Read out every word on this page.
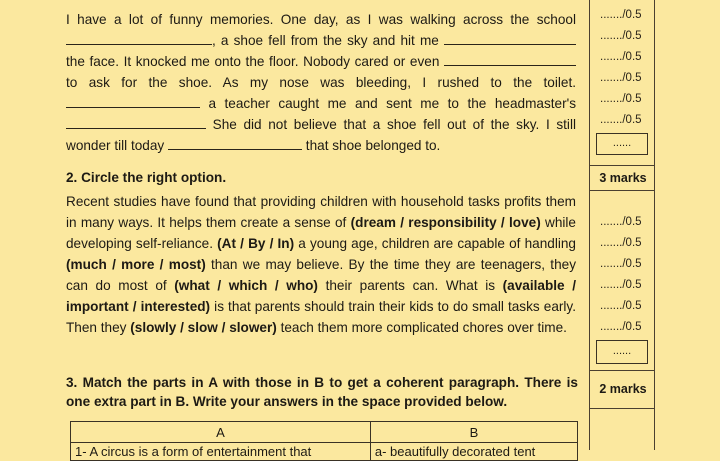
I have a lot of funny memories. One day, as I was walking across the school , a shoe fell from the sky and hit me  the face. It knocked me onto the floor. Nobody cared or even  to ask for the shoe. As my nose was bleeding, I rushed to the toilet.  a teacher caught me and sent me to the headmaster's  She did not believe that a shoe fell out of the sky. I still wonder till today	that shoe belonged to.

2. Circle the right option.

Recent studies have found that providing children with household tasks profits them in many ways. It helps them create a sense of (dream / responsibility / love) while developing self-reliance. (At / By / In) a young age, children are capable of handling (much / more / most) than we may believe. By the time they are teenagers, they can do most of (what / which / who) their parents can. What is (available / important / interested) is that parents should train their kids to do small tasks early. Then they (slowly / slow / slower) teach them more complicated chores over time.

3. Match the parts in A with those in B to get a coherent paragraph. There is one extra part in B. Write your answers in the space provided below.
A	B
1- A circus is a form of entertainment that	a- beautifully decorated tent
......./0.5
......./0.5
......./0.5
......./0.5
......./0.5
......./0.5
......
3 marks
......./0.5
......./0.5
......./0.5
......./0.5
......./0.5
......./0.5
......
2 marks
